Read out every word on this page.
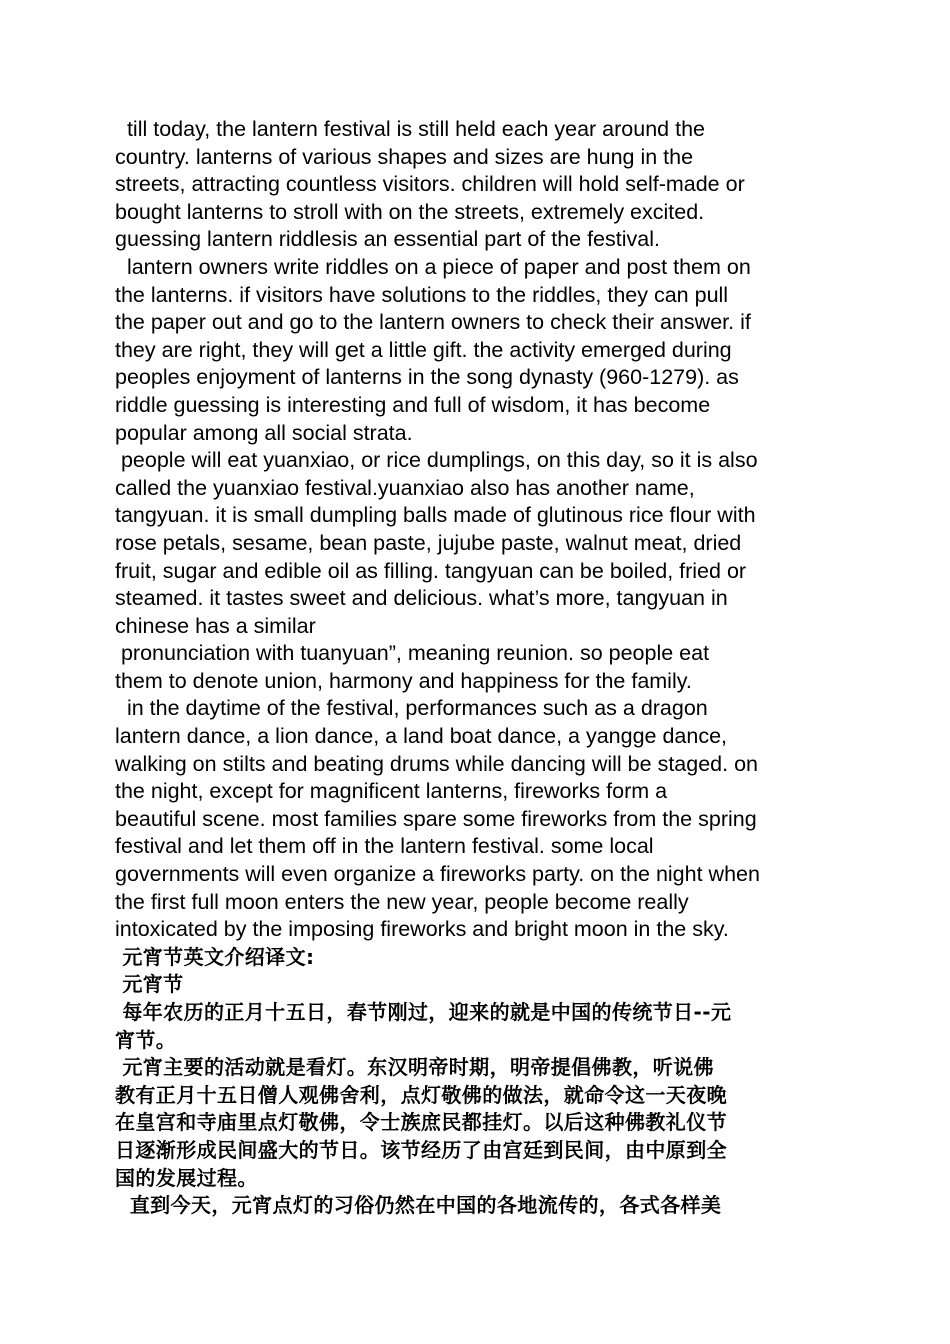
till today, the lantern festival is still held each year around the
country. lanterns of various shapes and sizes are hung in the
streets, attracting countless visitors. children will hold self-made or
bought lanterns to stroll with on the streets, extremely excited.
guessing lantern riddlesis an essential part of the festival.
lantern owners write riddles on a piece of paper and post them on
the lanterns. if visitors have solutions to the riddles, they can pull
the paper out and go to the lantern owners to check their answer. if
they are right, they will get a little gift. the activity emerged during
peoples enjoyment of lanterns in the song dynasty (960-1279). as
riddle guessing is interesting and full of wisdom, it has become
popular among all social strata.
people will eat yuanxiao, or rice dumplings, on this day, so it is also
called the yuanxiao festival.yuanxiao also has another name,
tangyuan. it is small dumpling balls made of glutinous rice flour with
rose petals, sesame, bean paste, jujube paste, walnut meat, dried
fruit, sugar and edible oil as filling. tangyuan can be boiled, fried or
steamed. it tastes sweet and delicious. what’s more, tangyuan in
chinese has a similar
pronunciation with tuanyuan”, meaning reunion. so people eat
them to denote union, harmony and happiness for the family.
in the daytime of the festival, performances such as a dragon
lantern dance, a lion dance, a land boat dance, a yangge dance,
walking on stilts and beating drums while dancing will be staged. on
the night, except for magnificent lanterns, fireworks form a
beautiful scene. most families spare some fireworks from the spring
festival and let them off in the lantern festival. some local
governments will even organize a fireworks party. on the night when
the first full moon enters the new year, people become really
intoxicated by the imposing fireworks and bright moon in the sky.
元宵节英文介绍译文:
元宵节
每年农历的正月十五日，春节刚过，迎来的就是中国的传统节日--元
宵节。
元宵主要的活动就是看灯。东汉明帝时期，明帝提倡佛教，听说佛
教有正月十五日僧人观佛舍利，点灯敬佛的做法，就命令这一天夜晚
在皇宫和寺庙里点灯敬佛，令士族庶民都挂灯。以后这种佛教礼仪节
日逐渐形成民间盛大的节日。该节经历了由宫廷到民间，由中原到全
国的发展过程。
直到今天，元宵点灯的习俗仍然在中国的各地流传的，各式各样美
